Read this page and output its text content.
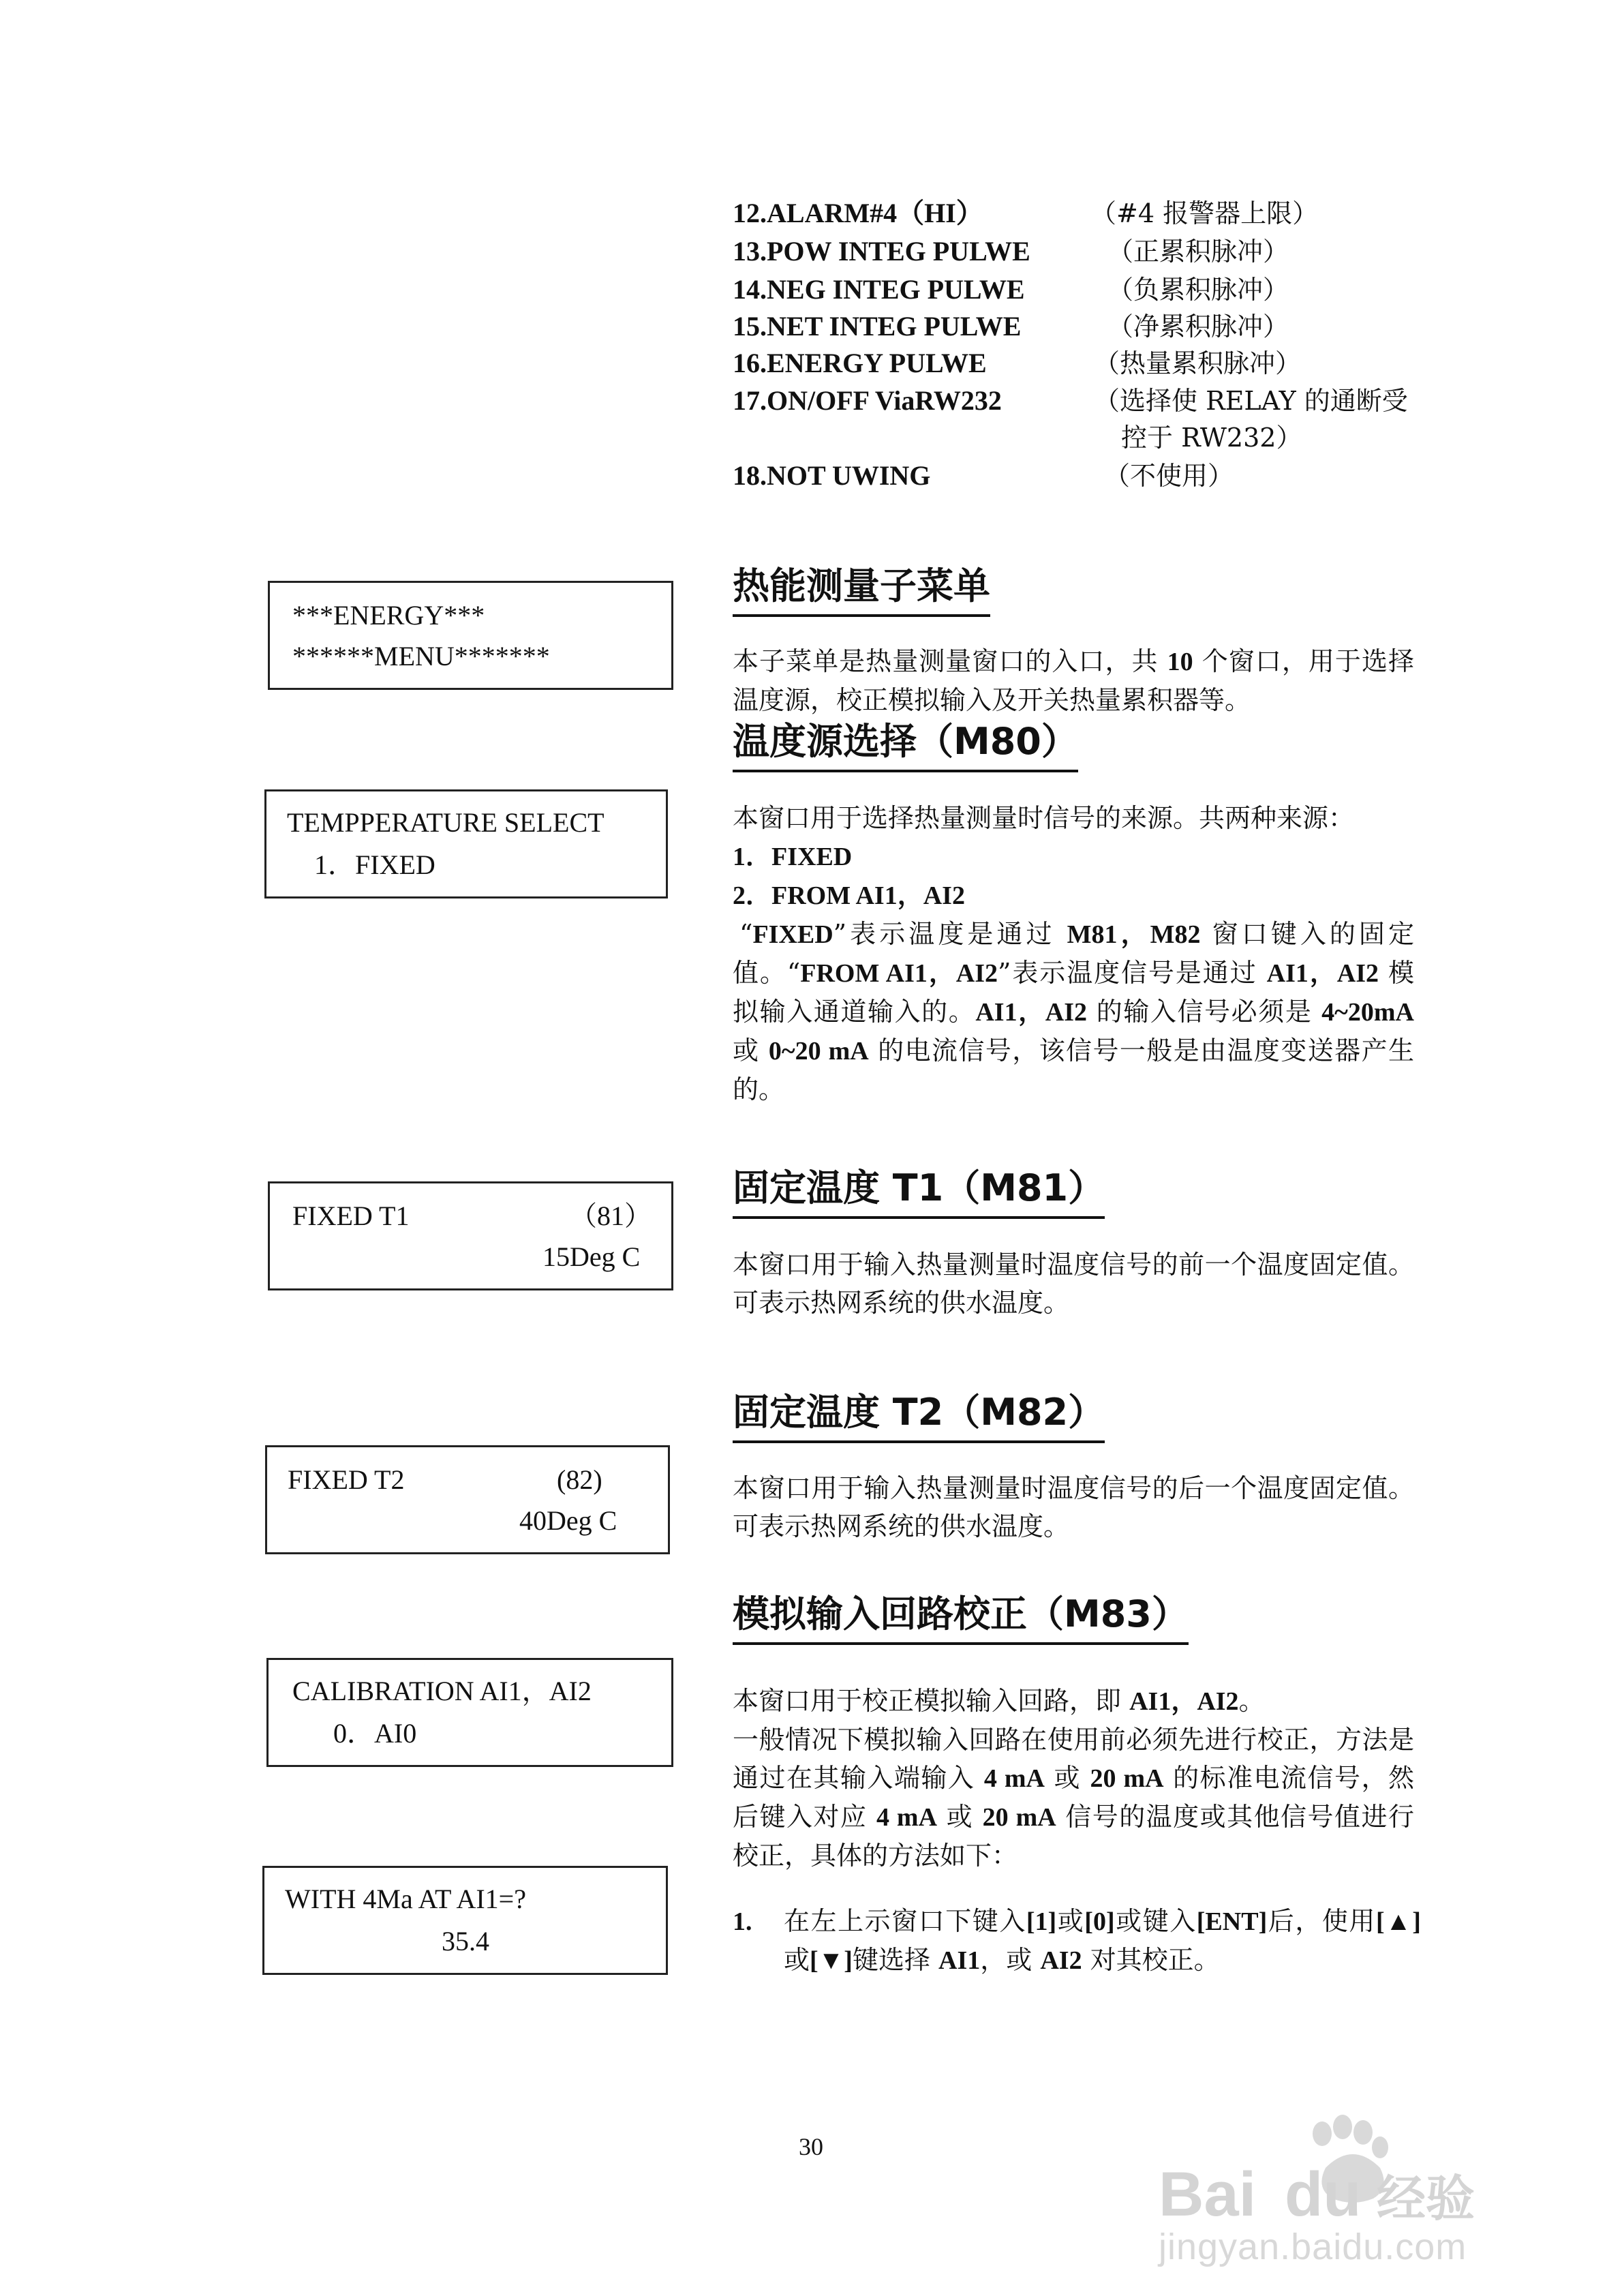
12.ALARM#4（HI）	（#4 报警器上限）
13.POW INTEG PULWE	（正累积脉冲）
14.NEG INTEG PULWE	（负累积脉冲）
15.NET INTEG PULWE	（净累积脉冲）
16.ENERGY PULWE	（热量累积脉冲）
17.ON/OFF ViaRW232	（选择使 RELAY 的通断受
控于 RW232）
18.NOT UWING	（不使用）
***ENERGY***
******MENU*******
TEMPPERATURE SELECT
1．FIXED
FIXED T1	（81）
15Deg C
FIXED T2	(82)
40Deg C
CALIBRATION AI1，AI2
0．AI0
WITH 4Ma AT AI1=?
35.4
热能测量子菜单
本子菜单是热量测量窗口的入口，共 10 个窗口，用于选择温度源，校正模拟输入及开关热量累积器等。
温度源选择（M80）

本窗口用于选择热量测量时信号的来源。共两种来源：

1．FIXED

2．FROM AI1，AI2

“FIXED”表示温度是通过 M81，M82 窗口键入的固定值。“FROM AI1，AI2”表示温度信号是通过 AI1，AI2 模拟输入通道输入的。AI1，AI2 的输入信号必须是 4~20mA 或 0~20 mA 的电流信号，该信号一般是由温度变送器产生的。

固定温度 T1（M81）
本窗口用于输入热量测量时温度信号的前一个温度固定值。可表示热网系统的供水温度。
固定温度 T2（M82）
本窗口用于输入热量测量时温度信号的后一个温度固定值。可表示热网系统的供水温度。
模拟输入回路校正（M83）

本窗口用于校正模拟输入回路，即 AI1，AI2。

一般情况下模拟输入回路在使用前必须先进行校正，方法是通过在其输入端输入 4 mA 或 20 mA 的标准电流信号，然后键入对应 4 mA 或 20 mA 信号的温度或其他信号值进行校正，具体的方法如下：

1.	在左上示窗口下键入[1]或[0]或键入[ENT]后，使用[▲]或[▼]键选择 AI1，或 AI2 对其校正。
30
Bai du 经验
jingyan.baidu.com
